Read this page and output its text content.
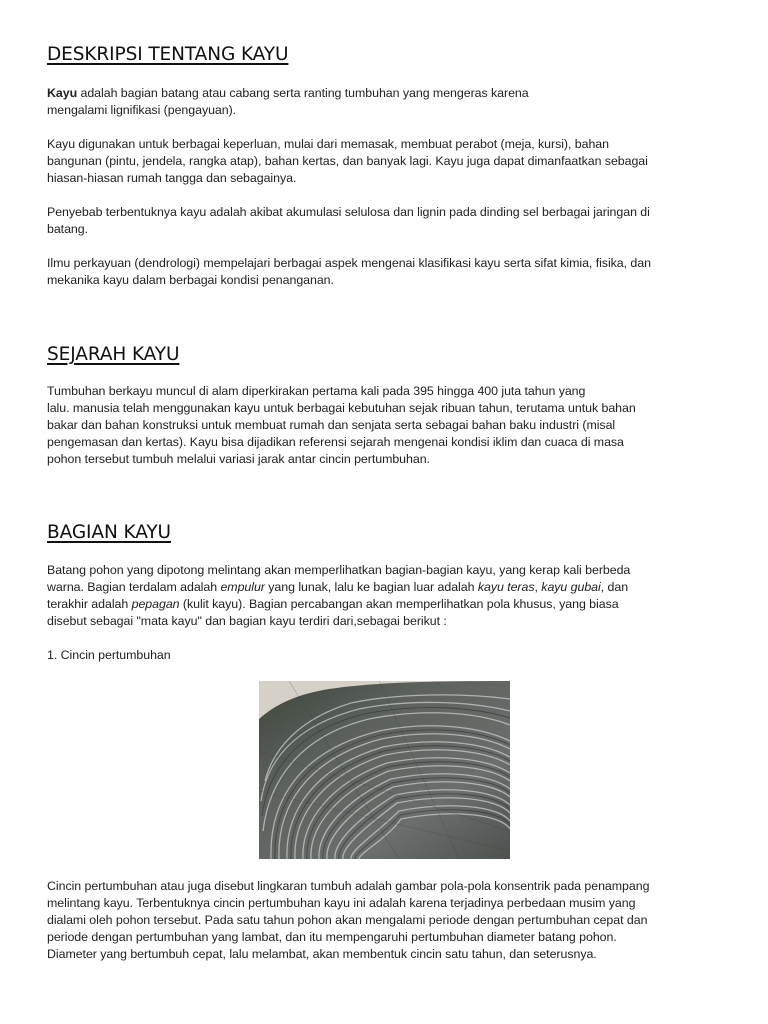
DESKRIPSI TENTANG KAYU

Kayu adalah bagian batang atau cabang serta ranting tumbuhan yang mengeras karena
mengalami lignifikasi (pengayuan).

Kayu digunakan untuk berbagai keperluan, mulai dari memasak, membuat perabot (meja, kursi), bahan
bangunan (pintu, jendela, rangka atap), bahan kertas, dan banyak lagi. Kayu juga dapat dimanfaatkan sebagai
hiasan-hiasan rumah tangga dan sebagainya.

Penyebab terbentuknya kayu adalah akibat akumulasi selulosa dan lignin pada dinding sel berbagai jaringan di
batang.

Ilmu perkayuan (dendrologi) mempelajari berbagai aspek mengenai klasifikasi kayu serta sifat kimia, fisika, dan
mekanika kayu dalam berbagai kondisi penanganan.

SEJARAH KAYU

Tumbuhan berkayu muncul di alam diperkirakan pertama kali pada 395 hingga 400 juta tahun yang
lalu. manusia telah menggunakan kayu untuk berbagai kebutuhan sejak ribuan tahun, terutama untuk bahan
bakar dan bahan konstruksi untuk membuat rumah dan senjata serta sebagai bahan baku industri (misal
pengemasan dan kertas). Kayu bisa dijadikan referensi sejarah mengenai kondisi iklim dan cuaca di masa
pohon tersebut tumbuh melalui variasi jarak antar cincin pertumbuhan.

BAGIAN KAYU

Batang pohon yang dipotong melintang akan memperlihatkan bagian-bagian kayu, yang kerap kali berbeda
warna. Bagian terdalam adalah empulur yang lunak, lalu ke bagian luar adalah kayu teras, kayu gubai, dan
terakhir adalah pepagan (kulit kayu). Bagian percabangan akan memperlihatkan pola khusus, yang biasa
disebut sebagai "mata kayu" dan bagian kayu terdiri dari,sebagai berikut :

1. Cincin pertumbuhan

Cincin pertumbuhan atau juga disebut lingkaran tumbuh adalah gambar pola-pola konsentrik pada penampang
melintang kayu. Terbentuknya cincin pertumbuhan kayu ini adalah karena terjadinya perbedaan musim yang
dialami oleh pohon tersebut. Pada satu tahun pohon akan mengalami periode dengan pertumbuhan cepat dan
periode dengan pertumbuhan yang lambat, dan itu mempengaruhi pertumbuhan diameter batang pohon.
Diameter yang bertumbuh cepat, lalu melambat, akan membentuk cincin satu tahun, dan seterusnya.
